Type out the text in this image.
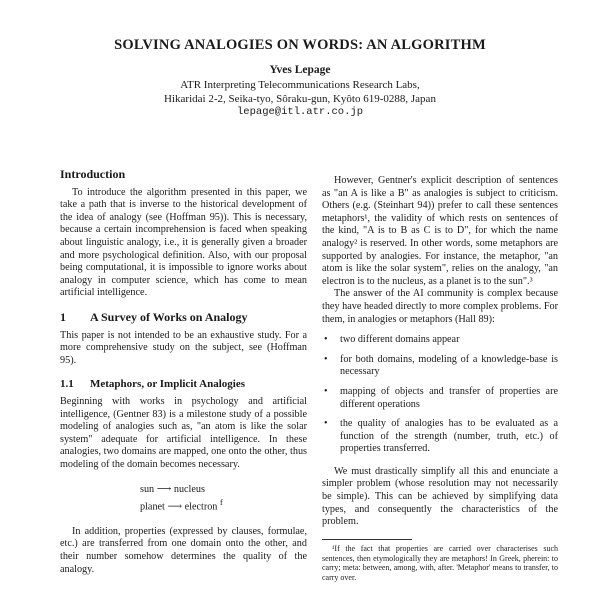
SOLVING ANALOGIES ON WORDS: AN ALGORITHM
Yves Lepage
ATR Interpreting Telecommunications Research Labs,
Hikaridai 2-2, Seika-tyo, Sôraku-gun, Kyôto 619-0288, Japan
lepage@itl.atr.co.jp
Introduction

To introduce the algorithm presented in this paper, we take a path that is inverse to the historical development of the idea of analogy (see (Hoffman 95)). This is necessary, because a certain incomprehension is faced when speaking about linguistic analogy, i.e., it is generally given a broader and more psychological definition. Also, with our proposal being computational, it is impossible to ignore works about analogy in computer science, which has come to mean artificial intelligence.

1 A Survey of Works on Analogy

This paper is not intended to be an exhaustive study. For a more comprehensive study on the subject, see (Hoffman 95).

1.1 Metaphors, or Implicit Analogies

Beginning with works in psychology and artificial intelligence, (Gentner 83) is a milestone study of a possible modeling of analogies such as, "an atom is like the solar system" adequate for artificial intelligence. In these analogies, two domains are mapped, one onto the other, thus modeling of the domain becomes necessary.

sun ⟶ nucleus
planet ⟶ electron $^f$

In addition, properties (expressed by clauses, formulae, etc.) are transferred from one domain onto the other, and their number somehow determines the quality of the analogy.

However, Gentner's explicit description of sentences as "an A is like a B" as analogies is subject to criticism. Others (e.g. (Steinhart 94)) prefer to call these sentences metaphors¹, the validity of which rests on sentences of the kind, "A is to B as C is to D", for which the name analogy² is reserved. In other words, some metaphors are supported by analogies. For instance, the metaphor, "an atom is like the solar system", relies on the analogy, "an electron is to the nucleus, as a planet is to the sun".³

The answer of the AI community is complex because they have headed directly to more complex problems. For them, in analogies or metaphors (Hall 89):

• two different domains appear
• for both domains, modeling of a knowledge-base is necessary
• mapping of objects and transfer of properties are different operations
• the quality of analogies has to be evaluated as a function of the strength (number, truth, etc.) of properties transferred.

We must drastically simplify all this and enunciate a simpler problem (whose resolution may not necessarily be simple). This can be achieved by simplifying data types, and consequently the characteristics of the problem.

¹If the fact that properties are carried over characterises such sentences, then etymologically they are metaphors! In Greek, pherein: to carry; meta: between, among, with, after. 'Metaphor' means to transfer, to carry over.
